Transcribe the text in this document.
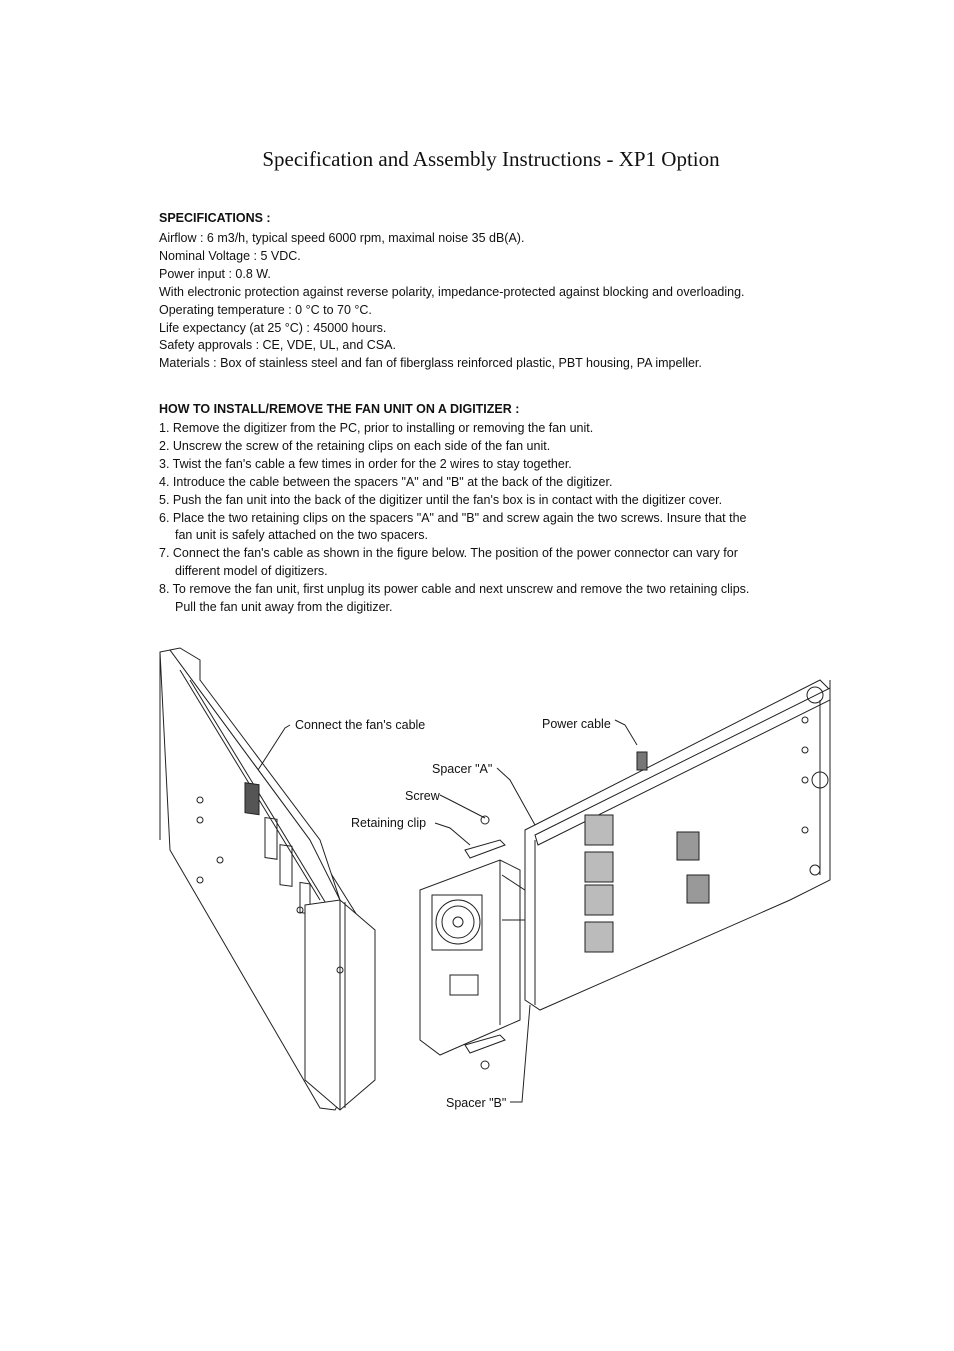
Specification and Assembly Instructions - XP1 Option
SPECIFICATIONS :
Airflow : 6 m3/h, typical speed 6000 rpm, maximal noise 35 dB(A).
Nominal Voltage : 5 VDC.
Power input : 0.8 W.
With electronic protection against reverse polarity, impedance-protected against blocking and overloading.
Operating temperature : 0 °C to 70 °C.
Life expectancy (at 25 °C) : 45000 hours.
Safety approvals : CE, VDE, UL, and CSA.
Materials : Box of stainless steel and fan of fiberglass reinforced plastic, PBT housing, PA impeller.
HOW TO INSTALL/REMOVE THE FAN UNIT ON A DIGITIZER :
1. Remove the digitizer from the PC, prior to installing or removing the fan unit.
2. Unscrew the screw of the retaining clips on each side of the fan unit.
3. Twist the fan's cable a few times in order for the 2 wires to stay together.
4. Introduce the cable between the spacers "A" and "B" at the back of the digitizer.
5. Push the fan unit into the back of the digitizer until the fan's box is in contact with the digitizer cover.
6. Place the two retaining clips on the spacers "A" and "B" and screw again the two screws. Insure that the
fan unit is safely attached on the two spacers.
7. Connect the fan's cable as shown in the figure below. The position of the power connector can vary for
different model of digitizers.
8. To remove the fan unit, first unplug its power cable and next unscrew and remove the two retaining clips.
Pull the fan unit away from the digitizer.
Connect the fan's cable	Power cable
Spacer "A"
Screw
Retaining clip
Spacer "B"
